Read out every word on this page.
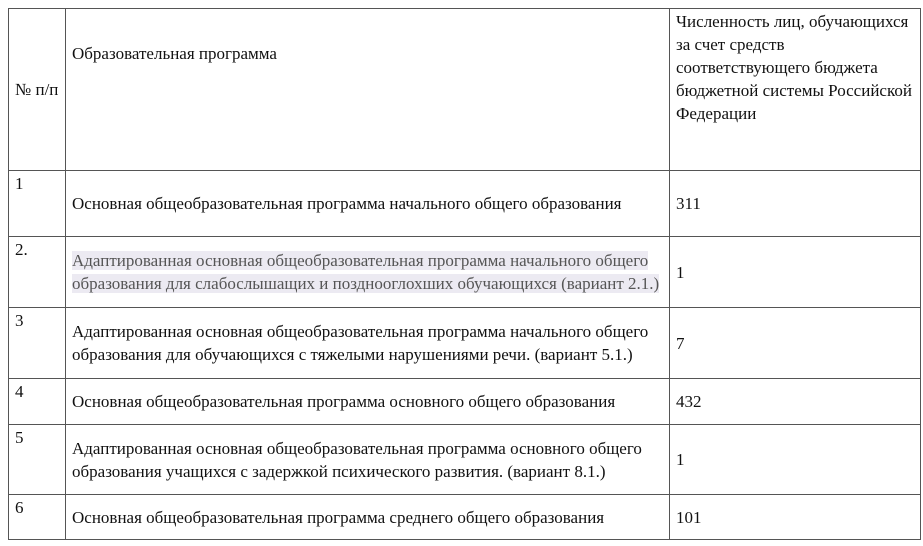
№ п/п	Образовательная программа	Численность лиц, обучающихся за счет средств соответствующего бюджета бюджетной системы Российской Федерации
1	Основная общеобразовательная программа начального общего образования	311
2.	Адаптированная основная общеобразовательная программа начального общего образования для слабослышащих и позднооглохших обучающихся (вариант 2.1.)	1
3	Адаптированная основная общеобразовательная программа начального общего образования для обучающихся с тяжелыми нарушениями речи. (вариант 5.1.)	7
4	Основная общеобразовательная программа основного общего образования	432
5	Адаптированная основная общеобразовательная программа основного общего образования учащихся с задержкой психического развития. (вариант 8.1.)	1
6	Основная общеобразовательная программа среднего общего образования	101
